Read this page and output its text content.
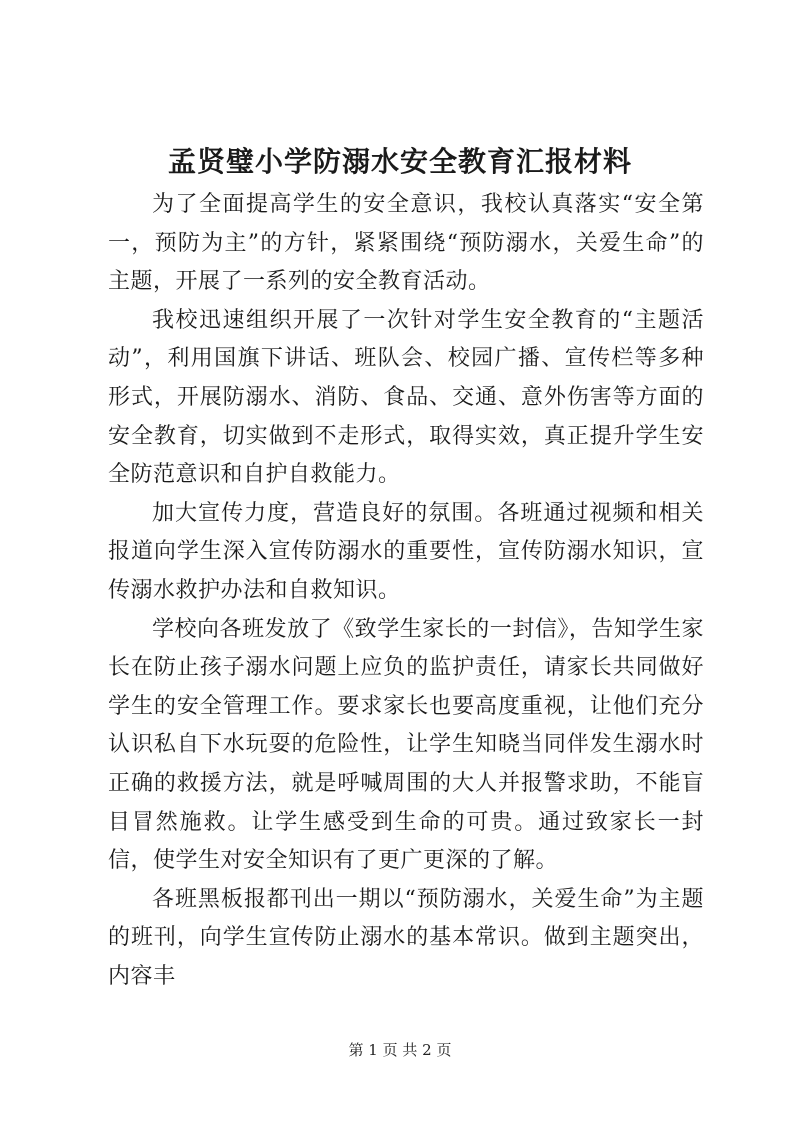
孟贤璧小学防溺水安全教育汇报材料

为了全面提高学生的安全意识，我校认真落实“安全第一，预防为主”的方针，紧紧围绕“预防溺水，关爱生命”的主题，开展了一系列的安全教育活动。

我校迅速组织开展了一次针对学生安全教育的“主题活动”，利用国旗下讲话、班队会、校园广播、宣传栏等多种形式，开展防溺水、消防、食品、交通、意外伤害等方面的安全教育，切实做到不走形式，取得实效，真正提升学生安全防范意识和自护自救能力。

加大宣传力度，营造良好的氛围。各班通过视频和相关报道向学生深入宣传防溺水的重要性，宣传防溺水知识，宣传溺水救护办法和自救知识。

学校向各班发放了《致学生家长的一封信》，告知学生家长在防止孩子溺水问题上应负的监护责任，请家长共同做好学生的安全管理工作。要求家长也要高度重视，让他们充分认识私自下水玩耍的危险性，让学生知晓当同伴发生溺水时正确的救援方法，就是呼喊周围的大人并报警求助，不能盲目冒然施救。让学生感受到生命的可贵。通过致家长一封信，使学生对安全知识有了更广更深的了解。

各班黑板报都刊出一期以“预防溺水，关爱生命”为主题的班刊，向学生宣传防止溺水的基本常识。做到主题突出，内容丰

第 1 页 共 2 页
